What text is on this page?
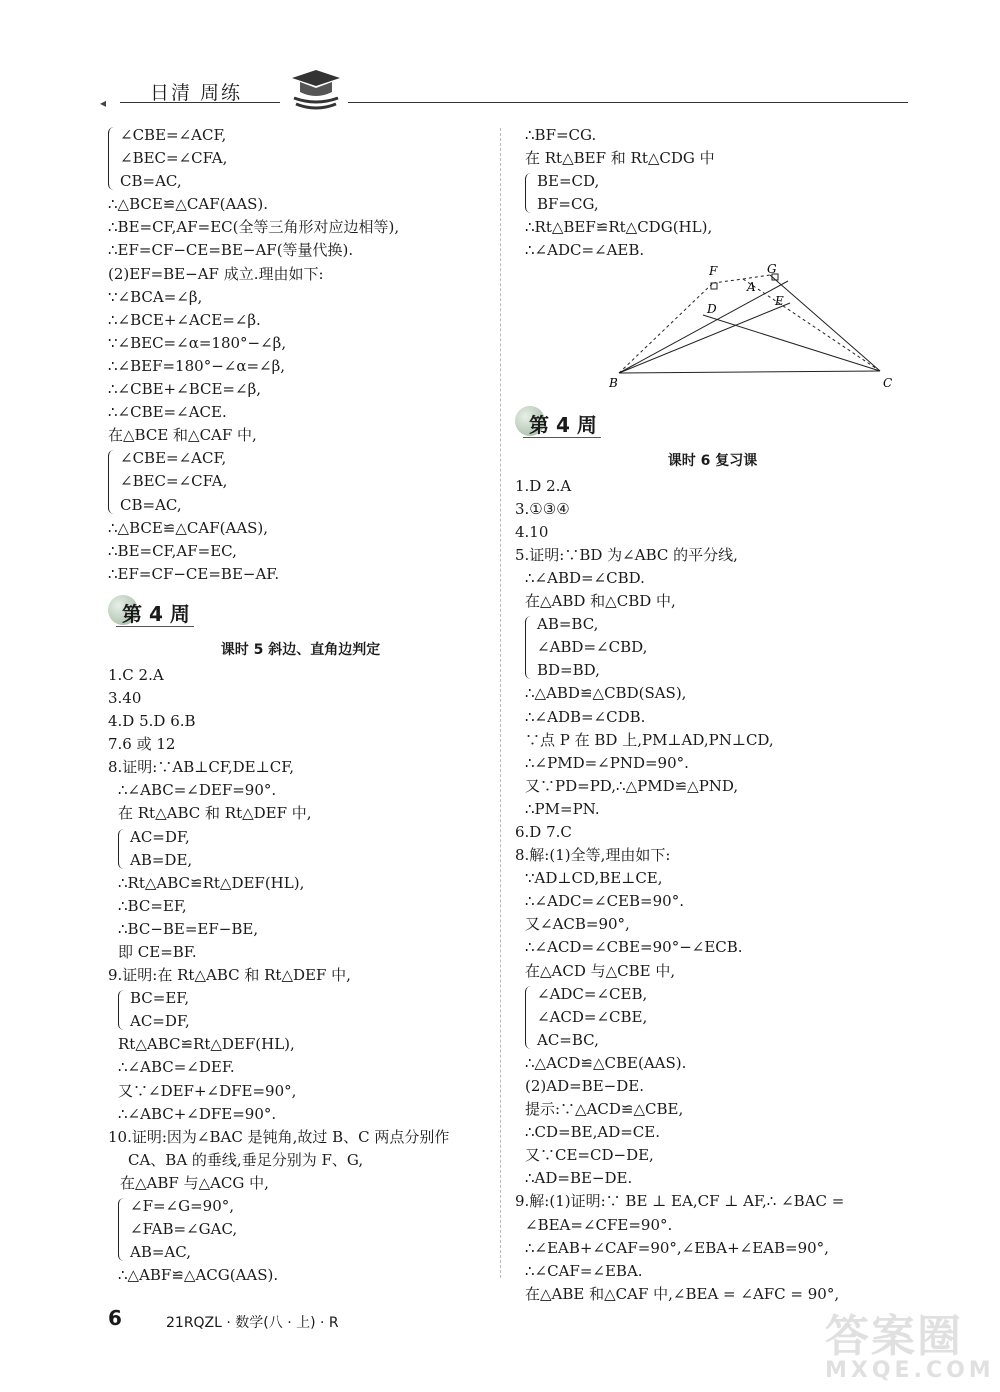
◂ 日清 周练
∠CBE=∠ACF,
∠BEC=∠CFA,
CB=AC,
∴△BCE≌△CAF(AAS).
∴BE=CF,AF=EC(全等三角形对应边相等),
∴EF=CF−CE=BE−AF(等量代换).
(2)EF=BE−AF 成立.理由如下:
∵∠BCA=∠β,
∴∠BCE+∠ACE=∠β.
∵∠BEC=∠α=180°−∠β,
∴∠BEF=180°−∠α=∠β,
∴∠CBE+∠BCE=∠β,
∴∠CBE=∠ACE.
在△BCE 和△CAF 中,
∠CBE=∠ACF,
∠BEC=∠CFA,
CB=AC,
∴△BCE≌△CAF(AAS),
∴BE=CF,AF=EC,
∴EF=CF−CE=BE−AF.
第 4 周
课时 5 斜边、直角边判定
1.C 2.A
3.40
4.D 5.D 6.B
7.6 或 12
8.证明:∵AB⊥CF,DE⊥CF,
∴∠ABC=∠DEF=90°.
在 Rt△ABC 和 Rt△DEF 中,
AC=DF,
AB=DE,
∴Rt△ABC≌Rt△DEF(HL),
∴BC=EF,
∴BC−BE=EF−BE,
即 CE=BF.
9.证明:在 Rt△ABC 和 Rt△DEF 中,
BC=EF,
AC=DF,
Rt△ABC≌Rt△DEF(HL),
∴∠ABC=∠DEF.
又∵∠DEF+∠DFE=90°,
∴∠ABC+∠DFE=90°.
10.证明:因为∠BAC 是钝角,故过 B、C 两点分别作
CA、BA 的垂线,垂足分别为 F、G,
在△ABF 与△ACG 中,
∠F=∠G=90°,
∠FAB=∠GAC,
AB=AC,
∴△ABF≌△ACG(AAS).
∴BF=CG.
在 Rt△BEF 和 Rt△CDG 中
BE=CD,
BF=CG,
∴Rt△BEF≌Rt△CDG(HL),
∴∠ADC=∠AEB.
F	G
A
E
D
B	C
第 4 周
课时 6 复习课
1.D 2.A
3.①③④
4.10
5.证明:∵BD 为∠ABC 的平分线,
∴∠ABD=∠CBD.
在△ABD 和△CBD 中,
AB=BC,
∠ABD=∠CBD,
BD=BD,
∴△ABD≌△CBD(SAS),
∴∠ADB=∠CDB.
∵点 P 在 BD 上,PM⊥AD,PN⊥CD,
∴∠PMD=∠PND=90°.
又∵PD=PD,∴△PMD≌△PND,
∴PM=PN.
6.D 7.C
8.解:(1)全等,理由如下:
∵AD⊥CD,BE⊥CE,
∴∠ADC=∠CEB=90°.
又∠ACB=90°,
∴∠ACD=∠CBE=90°−∠ECB.
在△ACD 与△CBE 中,
∠ADC=∠CEB,
∠ACD=∠CBE,
AC=BC,
∴△ACD≌△CBE(AAS).
(2)AD=BE−DE.
提示:∵△ACD≌△CBE,
∴CD=BE,AD=CE.
又∵CE=CD−DE,
∴AD=BE−DE.
9.解:(1)证明:∵ BE ⊥ EA,CF ⊥ AF,∴ ∠BAC =
∠BEA=∠CFE=90°.
∴∠EAB+∠CAF=90°,∠EBA+∠EAB=90°,
∴∠CAF=∠EBA.
在△ABE 和△CAF 中,∠BEA = ∠AFC = 90°,
6	21RQZL · 数学(八 · 上) · R	答案圈
MXQE.COM
